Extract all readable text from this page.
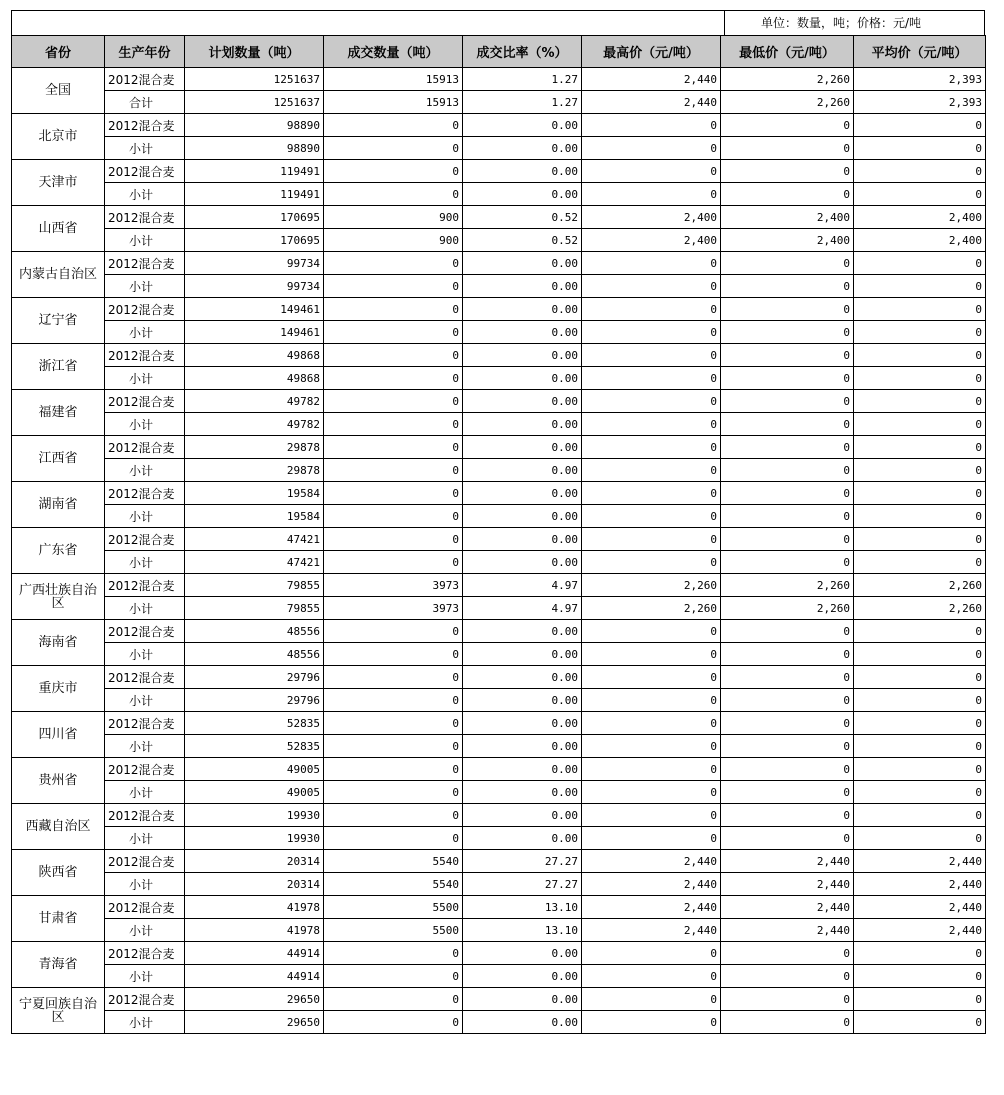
单位：数量，吨；价格：元/吨
省份	生产年份	计划数量（吨）	成交数量（吨）	成交比率（%）	最高价（元/吨）	最低价（元/吨）	平均价（元/吨）
全国	2012混合麦	1251637	15913	1.27	2,440	2,260	2,393
	合计	1251637	15913	1.27	2,440	2,260	2,393
北京市	2012混合麦	98890	0	0.00	0	0	0
	小计	98890	0	0.00	0	0	0
天津市	2012混合麦	119491	0	0.00	0	0	0
	小计	119491	0	0.00	0	0	0
山西省	2012混合麦	170695	900	0.52	2,400	2,400	2,400
	小计	170695	900	0.52	2,400	2,400	2,400
内蒙古自治区	2012混合麦	99734	0	0.00	0	0	0
	小计	99734	0	0.00	0	0	0
辽宁省	2012混合麦	149461	0	0.00	0	0	0
	小计	149461	0	0.00	0	0	0
浙江省	2012混合麦	49868	0	0.00	0	0	0
	小计	49868	0	0.00	0	0	0
福建省	2012混合麦	49782	0	0.00	0	0	0
	小计	49782	0	0.00	0	0	0
江西省	2012混合麦	29878	0	0.00	0	0	0
	小计	29878	0	0.00	0	0	0
湖南省	2012混合麦	19584	0	0.00	0	0	0
	小计	19584	0	0.00	0	0	0
广东省	2012混合麦	47421	0	0.00	0	0	0
	小计	47421	0	0.00	0	0	0
广西壮族自治区	2012混合麦	79855	3973	4.97	2,260	2,260	2,260
	小计	79855	3973	4.97	2,260	2,260	2,260
海南省	2012混合麦	48556	0	0.00	0	0	0
	小计	48556	0	0.00	0	0	0
重庆市	2012混合麦	29796	0	0.00	0	0	0
	小计	29796	0	0.00	0	0	0
四川省	2012混合麦	52835	0	0.00	0	0	0
	小计	52835	0	0.00	0	0	0
贵州省	2012混合麦	49005	0	0.00	0	0	0
	小计	49005	0	0.00	0	0	0
西藏自治区	2012混合麦	19930	0	0.00	0	0	0
	小计	19930	0	0.00	0	0	0
陕西省	2012混合麦	20314	5540	27.27	2,440	2,440	2,440
	小计	20314	5540	27.27	2,440	2,440	2,440
甘肃省	2012混合麦	41978	5500	13.10	2,440	2,440	2,440
	小计	41978	5500	13.10	2,440	2,440	2,440
青海省	2012混合麦	44914	0	0.00	0	0	0
	小计	44914	0	0.00	0	0	0
宁夏回族自治区	2012混合麦	29650	0	0.00	0	0	0
	小计	29650	0	0.00	0	0	0
